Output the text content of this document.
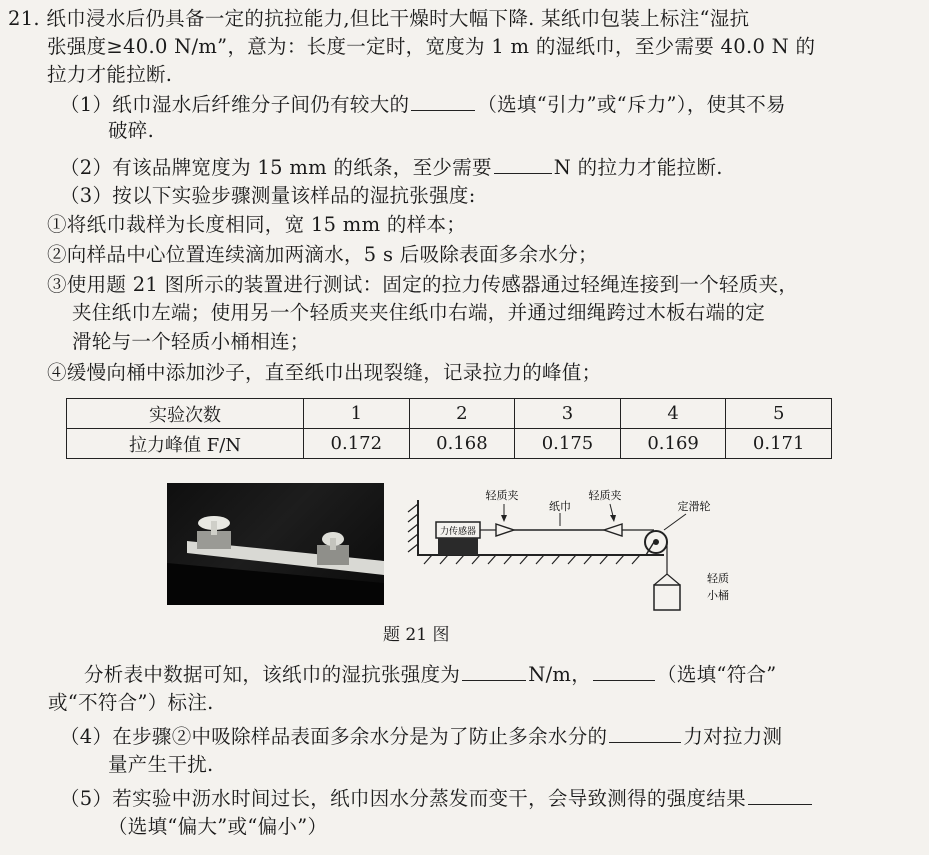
21. 纸巾浸水后仍具备一定的抗拉能力,但比干燥时大幅下降. 某纸巾包装上标注“湿抗
张强度≥40.0 N/m”，意为：长度一定时，宽度为 1 m 的湿纸巾，至少需要 40.0 N 的
拉力才能拉断.
（1）纸巾湿水后纤维分子间仍有较大的	（选填“引力”或“斥力”），使其不易
破碎.
（2）有该品牌宽度为 15 mm 的纸条，至少需要	N 的拉力才能拉断.
（3）按以下实验步骤测量该样品的湿抗张强度:
①将纸巾裁样为长度相同，宽 15 mm 的样本；
②向样品中心位置连续滴加两滴水，5 s 后吸除表面多余水分；
③使用题 21 图所示的装置进行测试：固定的拉力传感器通过轻绳连接到一个轻质夹，
夹住纸巾左端；使用另一个轻质夹夹住纸巾右端，并通过细绳跨过木板右端的定
滑轮与一个轻质小桶相连；
④缓慢向桶中添加沙子，直至纸巾出现裂缝，记录拉力的峰值；
实验次数	1	2	3	4	5
拉力峰值 F/N	0.172	0.168	0.175	0.169	0.171
力传感器
轻质夹
纸巾
轻质夹
定滑轮
轻质
小桶
题 21 图
分析表中数据可知，该纸巾的湿抗张强度为	N/m，	（选填“符合”
或“不符合”）标注.
（4）在步骤②中吸除样品表面多余水分是为了防止多余水分的	力对拉力测
量产生干扰.
（5）若实验中沥水时间过长，纸巾因水分蒸发而变干，会导致测得的强度结果
（选填“偏大”或“偏小”）
